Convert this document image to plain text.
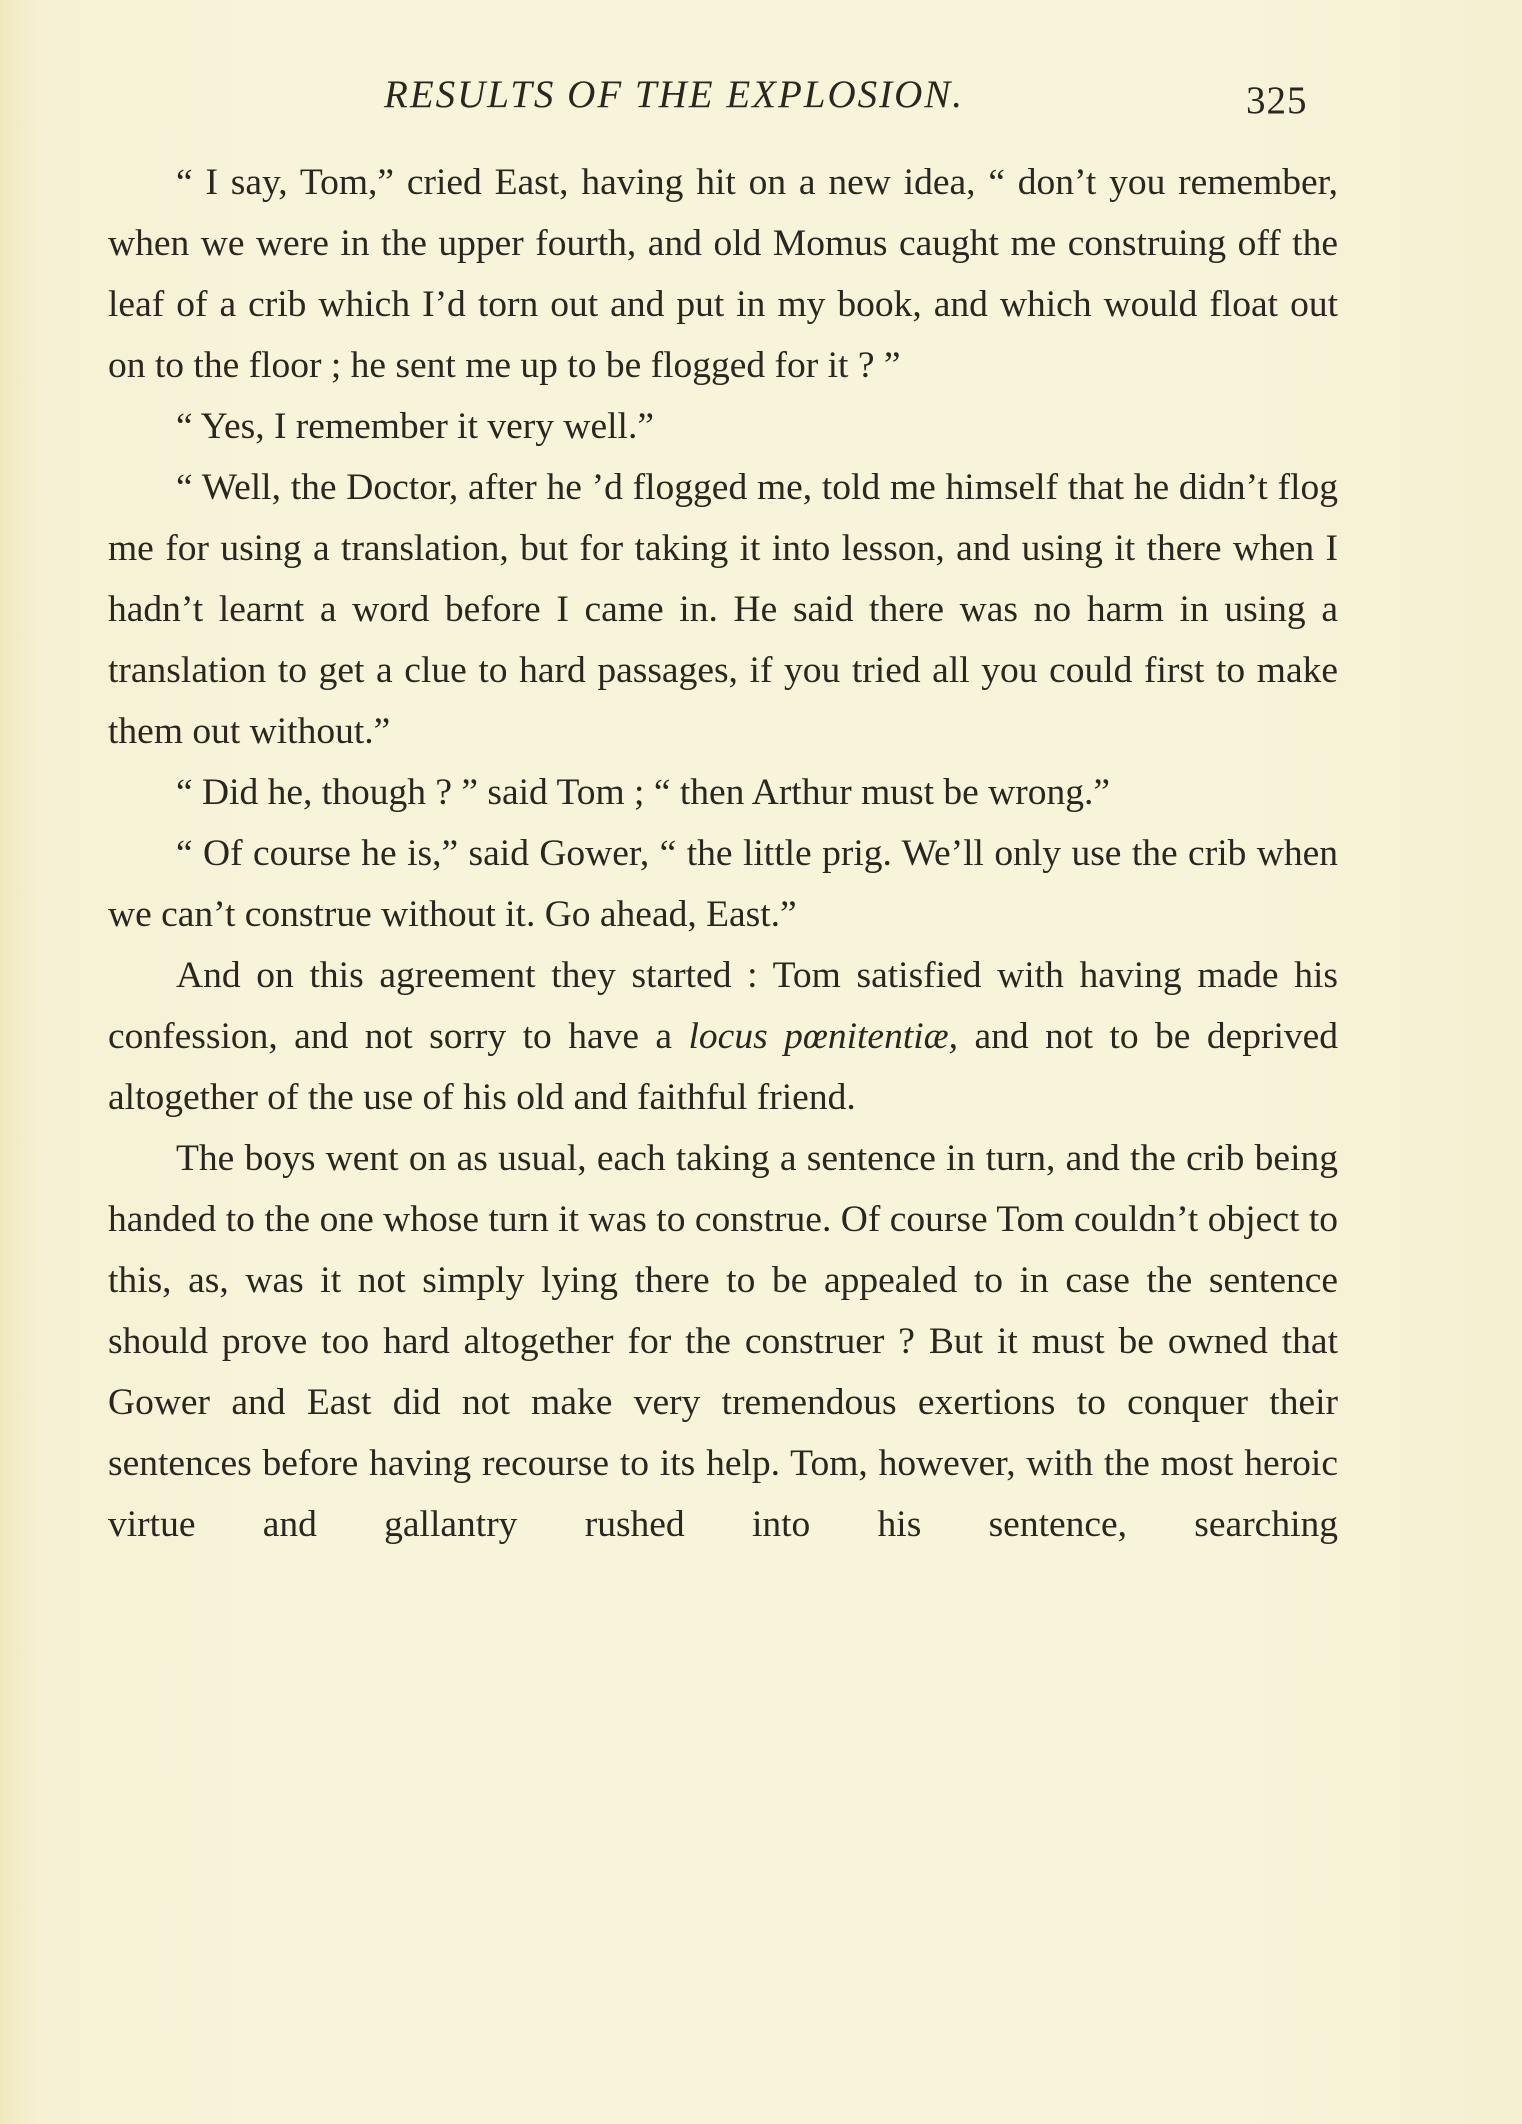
RESULTS OF THE EXPLOSION.	325

“ I say, Tom,” cried East, having hit on a new idea, “ don’t you remember, when we were in the upper fourth, and old Momus caught me construing off the leaf of a crib which I’d torn out and put in my book, and which would float out on to the floor ; he sent me up to be flogged for it ? ”

“ Yes, I remember it very well.”

“ Well, the Doctor, after he ’d flogged me, told me himself that he didn’t flog me for using a translation, but for taking it into lesson, and using it there when I hadn’t learnt a word before I came in. He said there was no harm in using a translation to get a clue to hard passages, if you tried all you could first to make them out without.”

“ Did he, though ? ” said Tom ; “ then Arthur must be wrong.”

“ Of course he is,” said Gower, “ the little prig. We’ll only use the crib when we can’t construe without it. Go ahead, East.”

And on this agreement they started : Tom satisfied with having made his confession, and not sorry to have a locus pœnitentiæ, and not to be deprived altogether of the use of his old and faithful friend.

The boys went on as usual, each taking a sentence in turn, and the crib being handed to the one whose turn it was to construe. Of course Tom couldn’t object to this, as, was it not simply lying there to be appealed to in case the sentence should prove too hard altogether for the construer ? But it must be owned that Gower and East did not make very tremendous exertions to conquer their sentences before having recourse to its help. Tom, however, with the most heroic virtue and gallantry rushed into his sentence, searching
